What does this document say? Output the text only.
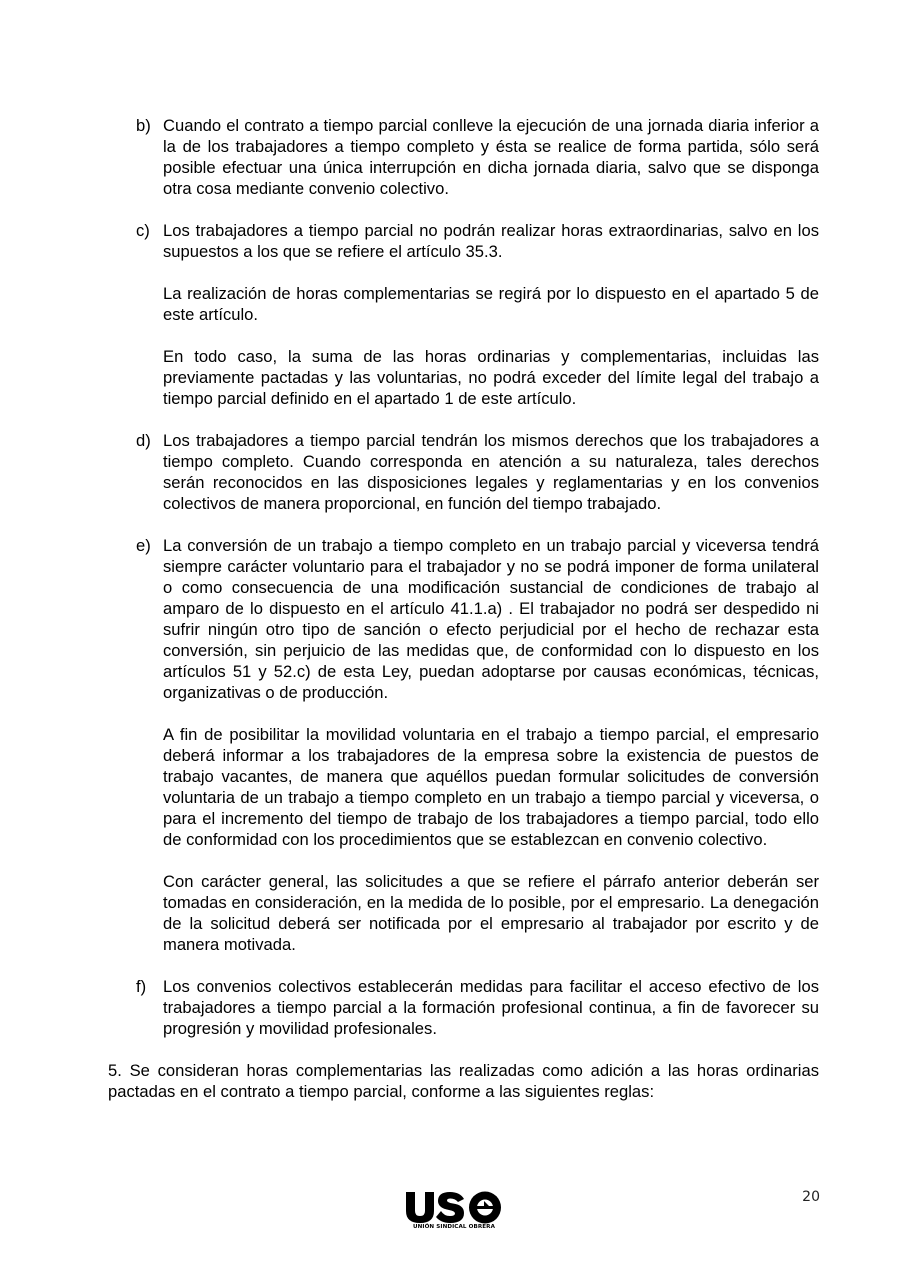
b) Cuando el contrato a tiempo parcial conlleve la ejecución de una jornada diaria inferior a la de los trabajadores a tiempo completo y ésta se realice de forma partida, sólo será posible efectuar una única interrupción en dicha jornada diaria, salvo que se disponga otra cosa mediante convenio colectivo.

c) Los trabajadores a tiempo parcial no podrán realizar horas extraordinarias, salvo en los supuestos a los que se refiere el artículo 35.3.

La realización de horas complementarias se regirá por lo dispuesto en el apartado 5 de este artículo.

En todo caso, la suma de las horas ordinarias y complementarias, incluidas las previamente pactadas y las voluntarias, no podrá exceder del límite legal del trabajo a tiempo parcial definido en el apartado 1 de este artículo.

d) Los trabajadores a tiempo parcial tendrán los mismos derechos que los trabajadores a tiempo completo. Cuando corresponda en atención a su naturaleza, tales derechos serán reconocidos en las disposiciones legales y reglamentarias y en los convenios colectivos de manera proporcional, en función del tiempo trabajado.

e) La conversión de un trabajo a tiempo completo en un trabajo parcial y viceversa tendrá siempre carácter voluntario para el trabajador y no se podrá imponer de forma unilateral o como consecuencia de una modificación sustancial de condiciones de trabajo al amparo de lo dispuesto en el artículo 41.1.a) . El trabajador no podrá ser despedido ni sufrir ningún otro tipo de sanción o efecto perjudicial por el hecho de rechazar esta conversión, sin perjuicio de las medidas que, de conformidad con lo dispuesto en los artículos 51 y 52.c) de esta Ley, puedan adoptarse por causas económicas, técnicas, organizativas o de producción.

A fin de posibilitar la movilidad voluntaria en el trabajo a tiempo parcial, el empresario deberá informar a los trabajadores de la empresa sobre la existencia de puestos de trabajo vacantes, de manera que aquéllos puedan formular solicitudes de conversión voluntaria de un trabajo a tiempo completo en un trabajo a tiempo parcial y viceversa, o para el incremento del tiempo de trabajo de los trabajadores a tiempo parcial, todo ello de conformidad con los procedimientos que se establezcan en convenio colectivo.

Con carácter general, las solicitudes a que se refiere el párrafo anterior deberán ser tomadas en consideración, en la medida de lo posible, por el empresario. La denegación de la solicitud deberá ser notificada por el empresario al trabajador por escrito y de manera motivada.

f) Los convenios colectivos establecerán medidas para facilitar el acceso efectivo de los trabajadores a tiempo parcial a la formación profesional continua, a fin de favorecer su progresión y movilidad profesionales.

5. Se consideran horas complementarias las realizadas como adición a las horas ordinarias pactadas en el contrato a tiempo parcial, conforme a las siguientes reglas:

20
UNIÓN SINDICAL OBRERA
